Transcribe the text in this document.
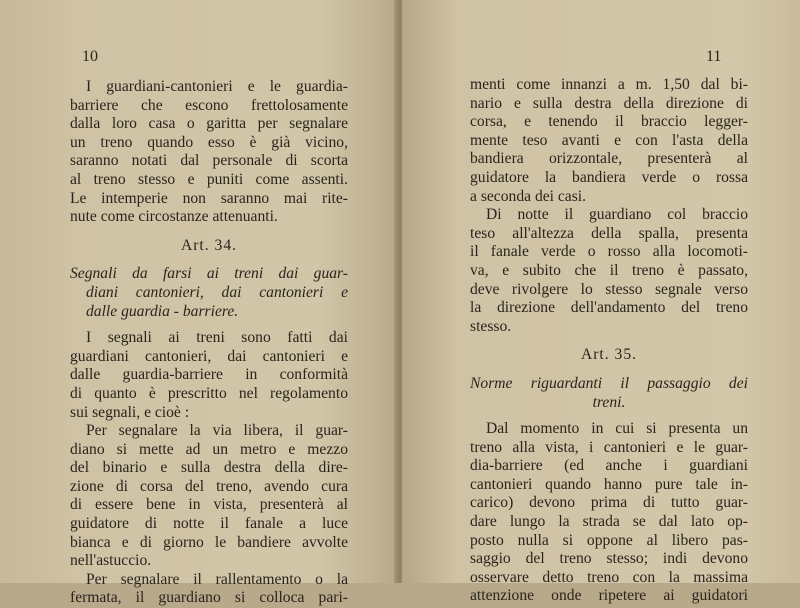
10
I guardiani-cantonieri e le guardia-
barriere che escono frettolosamente
dalla loro casa o garitta per segnalare
un treno quando esso è già vicino,
saranno notati dal personale di scorta
al treno stesso e puniti come assenti.
Le intemperie non saranno mai rite-
nute come circostanze attenuanti.
Art. 34.
Segnali da farsi ai treni dai guar-
diani cantonieri, dai cantonieri e
dalle guardia - barriere.
I segnali ai treni sono fatti dai
guardiani cantonieri, dai cantonieri e
dalle guardia-barriere in conformità
di quanto è prescritto nel regolamento
sui segnali, e cioè :
Per segnalare la via libera, il guar-
diano si mette ad un metro e mezzo
del binario e sulla destra della dire-
zione di corsa del treno, avendo cura
di essere bene in vista, presenterà al
guidatore di notte il fanale a luce
bianca e di giorno le bandiere avvolte
nell'astuccio.
Per segnalare il rallentamento o la
fermata, il guardiano si colloca pari-
11
menti come innanzi a m. 1,50 dal bi-
nario e sulla destra della direzione di
corsa, e tenendo il braccio legger-
mente teso avanti e con l'asta della
bandiera orizzontale, presenterà al
guidatore la bandiera verde o rossa
a seconda dei casi.
Di notte il guardiano col braccio
teso all'altezza della spalla, presenta
il fanale verde o rosso alla locomoti-
va, e subito che il treno è passato,
deve rivolgere lo stesso segnale verso
la direzione dell'andamento del treno
stesso.
Art. 35.
Norme riguardanti il passaggio dei
treni.
Dal momento in cui si presenta un
treno alla vista, i cantonieri e le guar-
dia-barriere (ed anche i guardiani
cantonieri quando hanno pure tale in-
carico) devono prima di tutto guar-
dare lungo la strada se dal lato op-
posto nulla si oppone al libero pas-
saggio del treno stesso; indi devono
osservare detto treno con la massima
attenzione onde ripetere ai guidatori
